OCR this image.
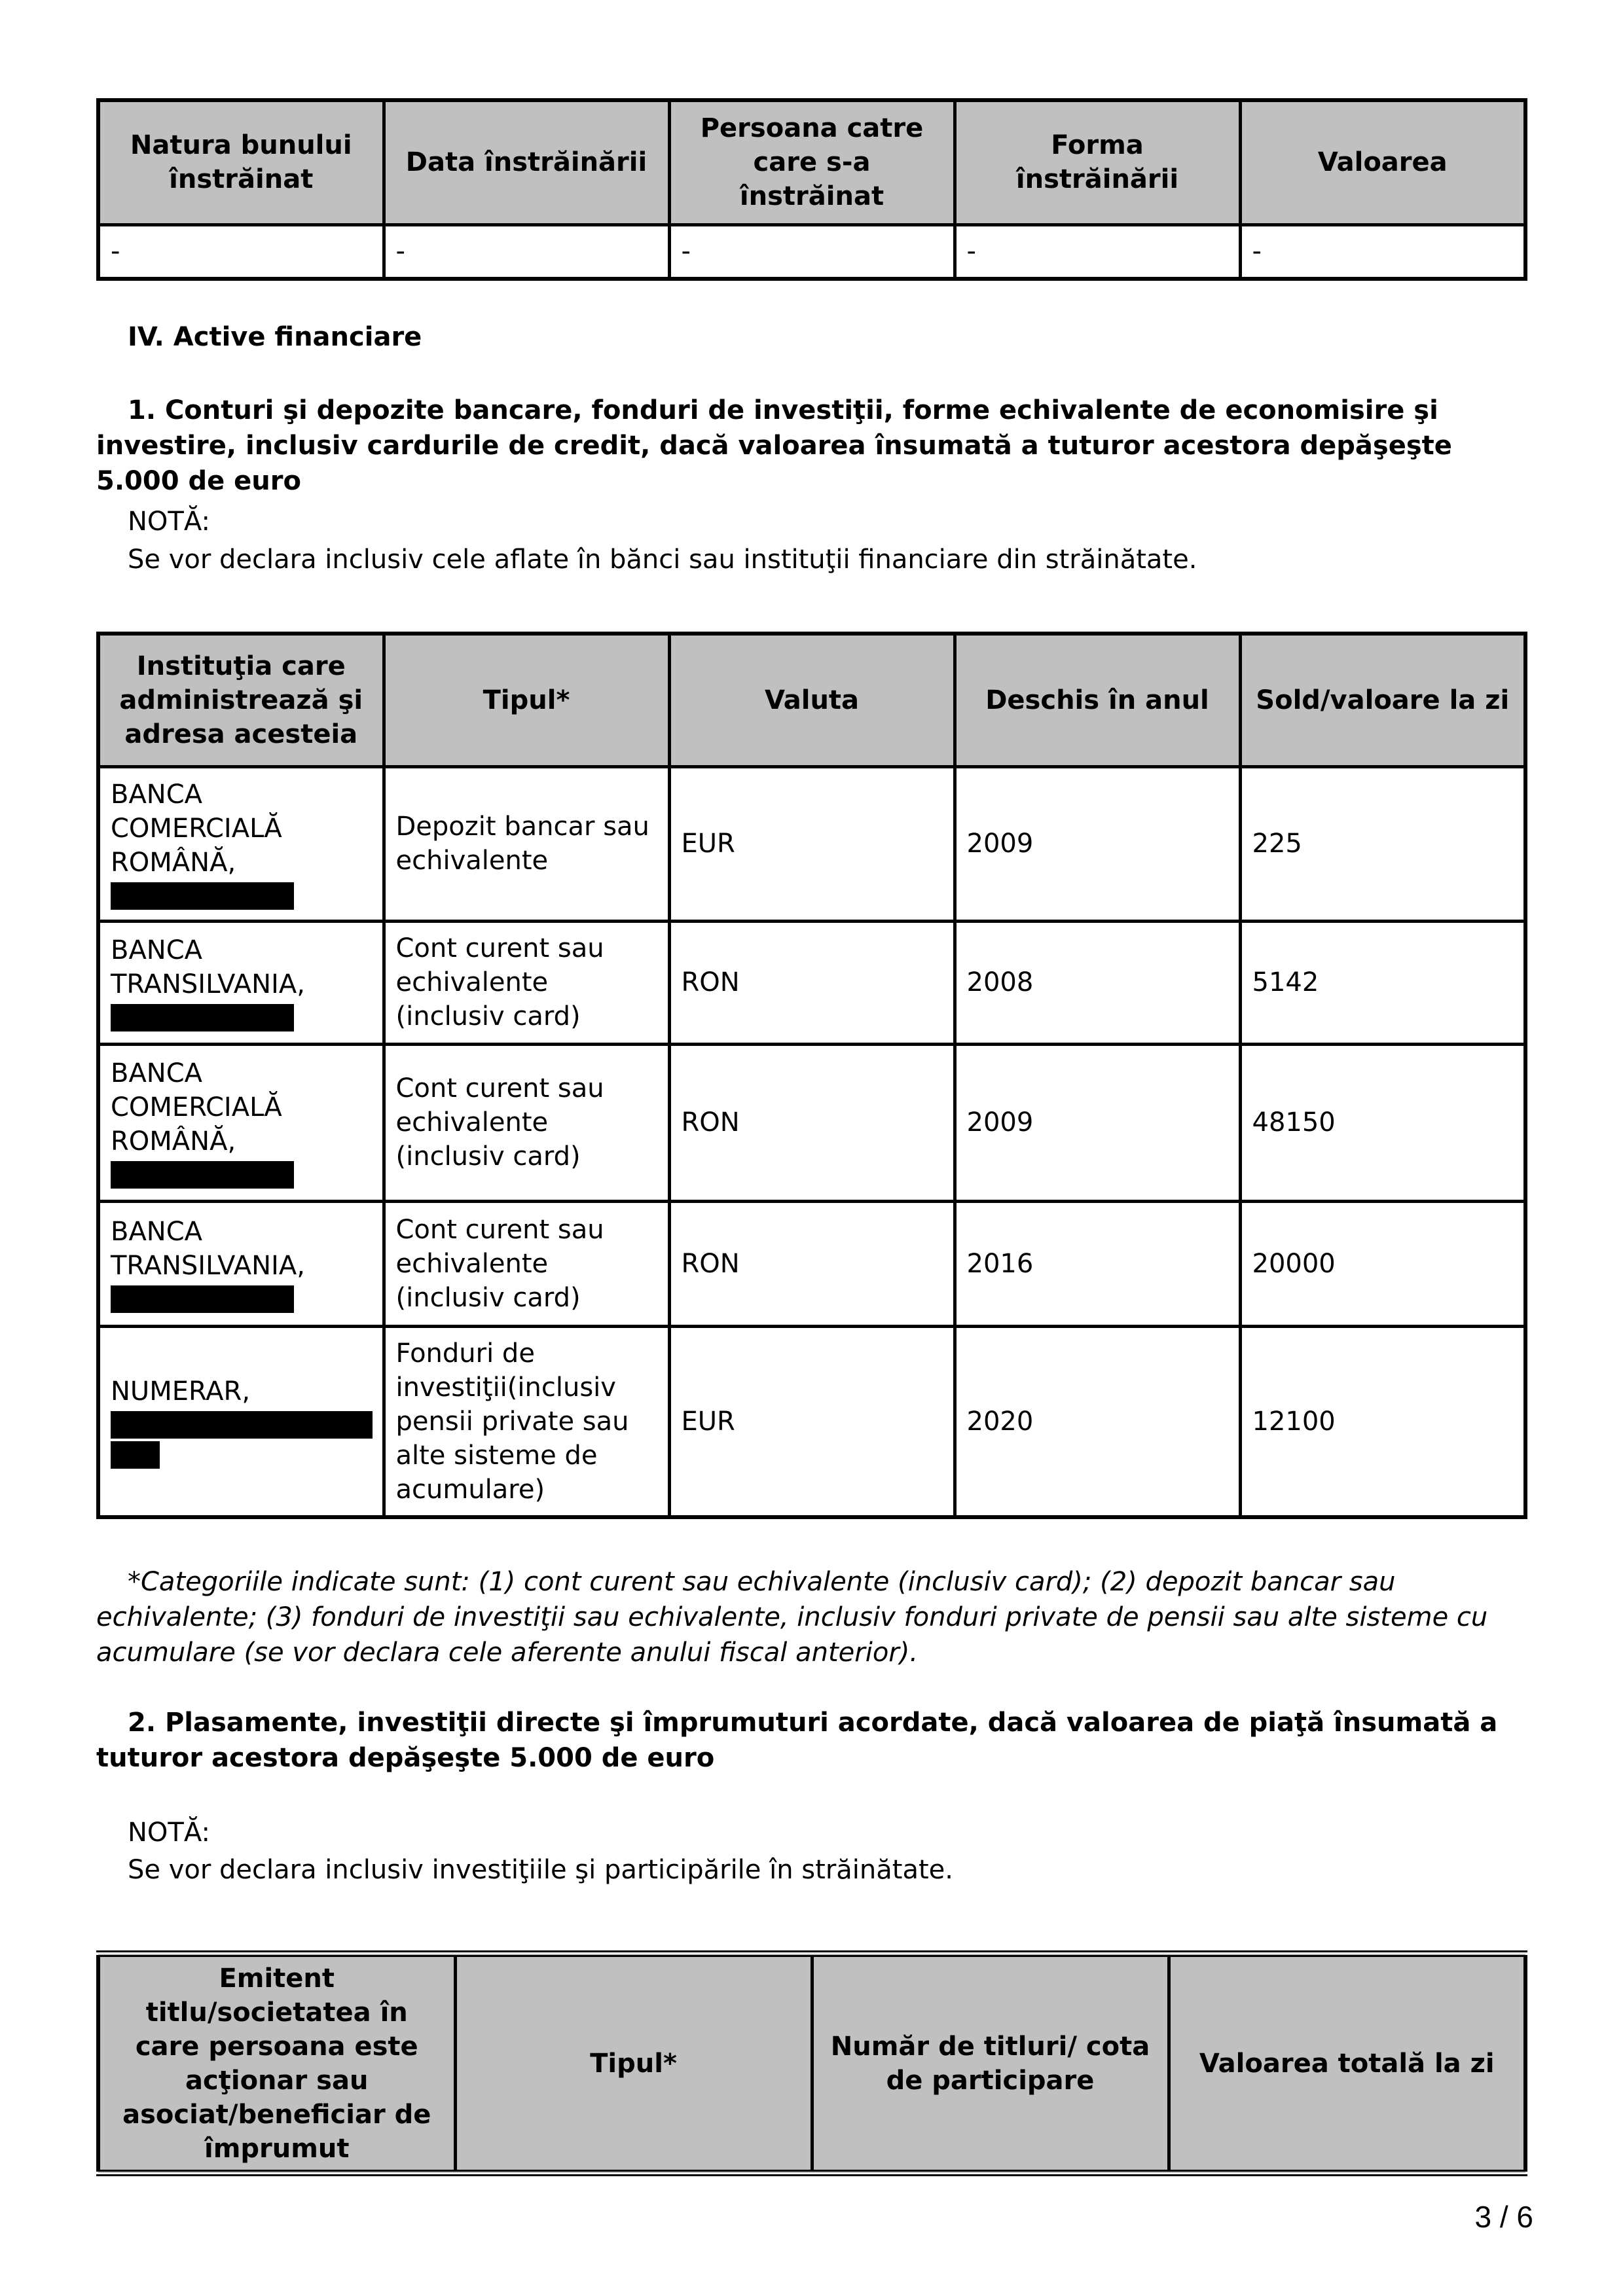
Natura bunului înstrăinat	Data înstrăinării	Persoana catre care s-a înstrăinat	Forma înstrăinării	Valoarea
-	-	-	-	-
IV. Active financiare
1. Conturi şi depozite bancare, fonduri de investiţii, forme echivalente de economisire şi investire, inclusiv cardurile de credit, dacă valoarea însumată a tuturor acestora depăşeşte 5.000 de euro
NOTĂ:
Se vor declara inclusiv cele aflate în bănci sau instituţii financiare din străinătate.
Instituţia care administrează şi adresa acesteia	Tipul*	Valuta	Deschis în anul	Sold/valoare la zi
BANCA COMERCIALĂ ROMÂNĂ,	Depozit bancar sau echivalente	EUR	2009	225
BANCA TRANSILVANIA,	Cont curent sau echivalente (inclusiv card)	RON	2008	5142
BANCA COMERCIALĂ ROMÂNĂ,	Cont curent sau echivalente (inclusiv card)	RON	2009	48150
BANCA TRANSILVANIA,	Cont curent sau echivalente (inclusiv card)	RON	2016	20000
NUMERAR,	Fonduri de investiţii(inclusiv pensii private sau alte sisteme de acumulare)	EUR	2020	12100
*Categoriile indicate sunt: (1) cont curent sau echivalente (inclusiv card); (2) depozit bancar sau echivalente; (3) fonduri de investiţii sau echivalente, inclusiv fonduri private de pensii sau alte sisteme cu acumulare (se vor declara cele aferente anului fiscal anterior).
2. Plasamente, investiţii directe şi împrumuturi acordate, dacă valoarea de piaţă însumată a tuturor acestora depăşeşte 5.000 de euro
NOTĂ:
Se vor declara inclusiv investiţiile şi participările în străinătate.
Emitent titlu/societatea în care persoana este acţionar sau asociat/beneficiar de împrumut	Tipul*	Număr de titluri/ cota de participare	Valoarea totală la zi
3 / 6
